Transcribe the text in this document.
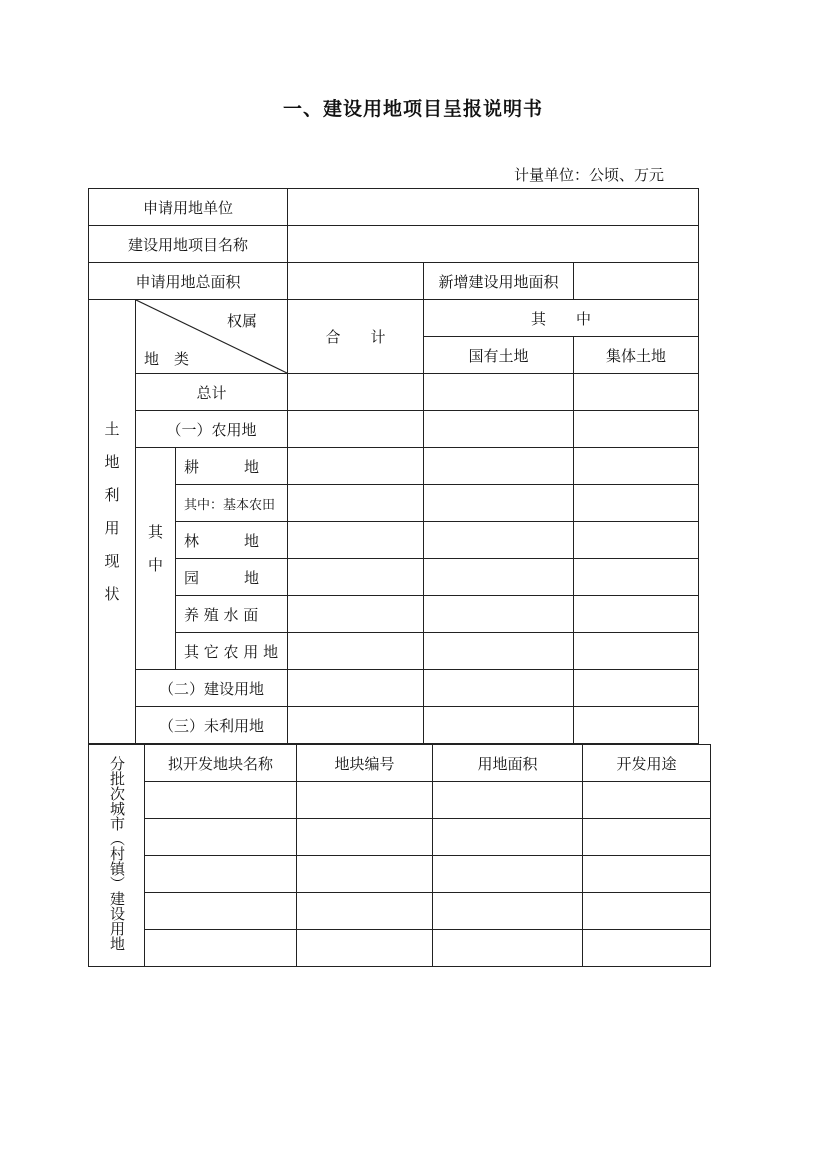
一、建设用地项目呈报说明书
计量单位：公顷、万元
申请用地单位					
建设用地项目名称					
申请用地总面积				新增建设用地面积	
土地利用现状	权属
地　类		合　　计	其　　中	
				国有土地	集体土地
	总计				
	（一）农用地				
	其中	耕　　　地			
		其中：基本农田			
		林　　　地			
		园　　　地			
		养 殖 水 面			
		其 它 农 用 地			
	（二）建设用地				
	（三）未利用地				
分批次城市（村镇）建设用地	拟开发地块名称	地块编号	用地面积	开发用途
